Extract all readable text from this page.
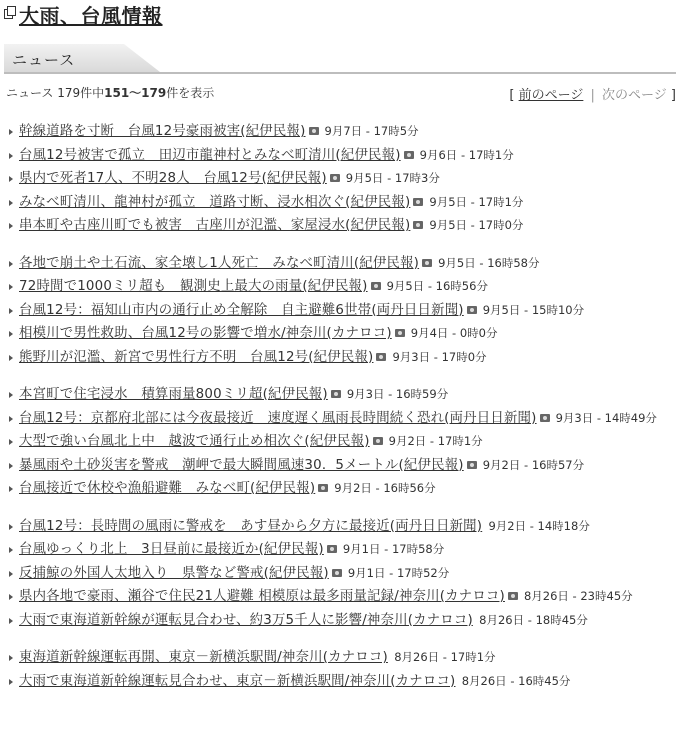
大雨、台風情報
ニュース
ニュース 179件中151～179件を表示	[ 前のページ | 次のページ ]
幹線道路を寸断　台風12号豪雨被害(紀伊民報) 9月7日 - 17時5分
台風12号被害で孤立　田辺市龍神村とみなべ町清川(紀伊民報) 9月6日 - 17時1分
県内で死者17人、不明28人　台風12号(紀伊民報) 9月5日 - 17時3分
みなべ町清川、龍神村が孤立　道路寸断、浸水相次ぐ(紀伊民報) 9月5日 - 17時1分
串本町や古座川町でも被害　古座川が氾濫、家屋浸水(紀伊民報) 9月5日 - 17時0分
各地で崩土や土石流、家全壊し1人死亡　みなべ町清川(紀伊民報) 9月5日 - 16時58分
72時間で1000ミリ超も　観測史上最大の雨量(紀伊民報) 9月5日 - 16時56分
台風12号：福知山市内の通行止め全解除　自主避難6世帯(両丹日日新聞) 9月5日 - 15時10分
相模川で男性救助、台風12号の影響で増水/神奈川(カナロコ) 9月4日 - 0時0分
熊野川が氾濫、新宮で男性行方不明　台風12号(紀伊民報) 9月3日 - 17時0分
本宮町で住宅浸水　積算雨量800ミリ超(紀伊民報) 9月3日 - 16時59分
台風12号：京都府北部には今夜最接近　速度遅く風雨長時間続く恐れ(両丹日日新聞) 9月3日 - 14時49分
大型で強い台風北上中　越波で通行止め相次ぐ(紀伊民報) 9月2日 - 17時1分
暴風雨や土砂災害を警戒　潮岬で最大瞬間風速30．5メートル(紀伊民報) 9月2日 - 16時57分
台風接近で休校や漁船避難　みなべ町(紀伊民報) 9月2日 - 16時56分
台風12号：長時間の風雨に警戒を　あす昼から夕方に最接近(両丹日日新聞) 9月2日 - 14時18分
台風ゆっくり北上　3日昼前に最接近か(紀伊民報) 9月1日 - 17時58分
反捕鯨の外国人太地入り　県警など警戒(紀伊民報) 9月1日 - 17時52分
県内各地で豪雨、瀬谷で住民21人避難 相模原は最多雨量記録/神奈川(カナロコ) 8月26日 - 23時45分
大雨で東海道新幹線が運転見合わせ、約3万5千人に影響/神奈川(カナロコ) 8月26日 - 18時45分
東海道新幹線運転再開、東京－新横浜駅間/神奈川(カナロコ) 8月26日 - 17時1分
大雨で東海道新幹線運転見合わせ、東京－新横浜駅間/神奈川(カナロコ) 8月26日 - 16時45分
